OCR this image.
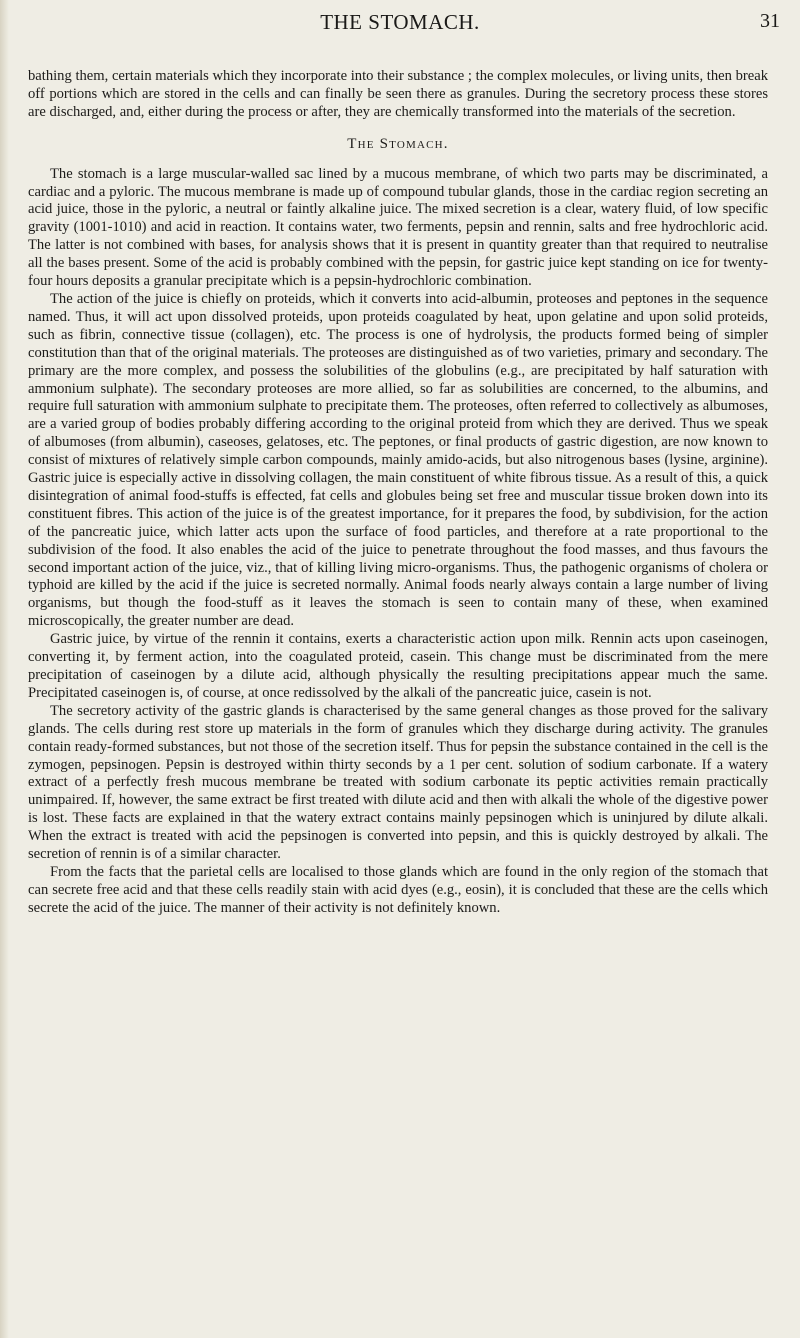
THE STOMACH.	31

bathing them, certain materials which they incorporate into their substance ; the complex molecules, or living units, then break off portions which are stored in the cells and can finally be seen there as granules. During the secretory process these stores are discharged, and, either during the process or after, they are chemically transformed into the materials of the secretion.

The Stomach.

The stomach is a large muscular-walled sac lined by a mucous membrane, of which two parts may be discriminated, a cardiac and a pyloric. The mucous membrane is made up of compound tubular glands, those in the cardiac region secreting an acid juice, those in the pyloric, a neutral or faintly alkaline juice. The mixed secretion is a clear, watery fluid, of low specific gravity (1001-1010) and acid in reaction. It contains water, two ferments, pepsin and rennin, salts and free hydrochloric acid. The latter is not combined with bases, for analysis shows that it is present in quantity greater than that required to neutralise all the bases present. Some of the acid is probably combined with the pepsin, for gastric juice kept standing on ice for twenty-four hours deposits a granular precipitate which is a pepsin-hydrochloric combination.

The action of the juice is chiefly on proteids, which it converts into acid-albumin, proteoses and peptones in the sequence named. Thus, it will act upon dissolved proteids, upon proteids coagulated by heat, upon gelatine and upon solid proteids, such as fibrin, connective tissue (collagen), etc. The process is one of hydrolysis, the products formed being of simpler constitution than that of the original materials. The proteoses are distinguished as of two varieties, primary and secondary. The primary are the more complex, and possess the solubilities of the globulins (e.g., are precipitated by half saturation with ammonium sulphate). The secondary proteoses are more allied, so far as solubilities are concerned, to the albumins, and require full saturation with ammonium sulphate to precipitate them. The proteoses, often referred to collectively as albumoses, are a varied group of bodies probably differing according to the original proteid from which they are derived. Thus we speak of albumoses (from albumin), caseoses, gelatoses, etc. The peptones, or final products of gastric digestion, are now known to consist of mixtures of relatively simple carbon compounds, mainly amido-acids, but also nitrogenous bases (lysine, arginine). Gastric juice is especially active in dissolving collagen, the main constituent of white fibrous tissue. As a result of this, a quick disintegration of animal food-stuffs is effected, fat cells and globules being set free and muscular tissue broken down into its constituent fibres. This action of the juice is of the greatest importance, for it prepares the food, by subdivision, for the action of the pancreatic juice, which latter acts upon the surface of food particles, and therefore at a rate proportional to the subdivision of the food. It also enables the acid of the juice to penetrate throughout the food masses, and thus favours the second important action of the juice, viz., that of killing living micro-organisms. Thus, the pathogenic organisms of cholera or typhoid are killed by the acid if the juice is secreted normally. Animal foods nearly always contain a large number of living organisms, but though the food-stuff as it leaves the stomach is seen to contain many of these, when examined microscopically, the greater number are dead.

Gastric juice, by virtue of the rennin it contains, exerts a characteristic action upon milk. Rennin acts upon caseinogen, converting it, by ferment action, into the coagulated proteid, casein. This change must be discriminated from the mere precipitation of caseinogen by a dilute acid, although physically the resulting precipitations appear much the same. Precipitated caseinogen is, of course, at once redissolved by the alkali of the pancreatic juice, casein is not.

The secretory activity of the gastric glands is characterised by the same general changes as those proved for the salivary glands. The cells during rest store up materials in the form of granules which they discharge during activity. The granules contain ready-formed substances, but not those of the secretion itself. Thus for pepsin the substance contained in the cell is the zymogen, pepsinogen. Pepsin is destroyed within thirty seconds by a 1 per cent. solution of sodium carbonate. If a watery extract of a perfectly fresh mucous membrane be treated with sodium carbonate its peptic activities remain practically unimpaired. If, however, the same extract be first treated with dilute acid and then with alkali the whole of the digestive power is lost. These facts are explained in that the watery extract contains mainly pepsinogen which is uninjured by dilute alkali. When the extract is treated with acid the pepsinogen is converted into pepsin, and this is quickly destroyed by alkali. The secretion of rennin is of a similar character.

From the facts that the parietal cells are localised to those glands which are found in the only region of the stomach that can secrete free acid and that these cells readily stain with acid dyes (e.g., eosin), it is concluded that these are the cells which secrete the acid of the juice. The manner of their activity is not definitely known.
